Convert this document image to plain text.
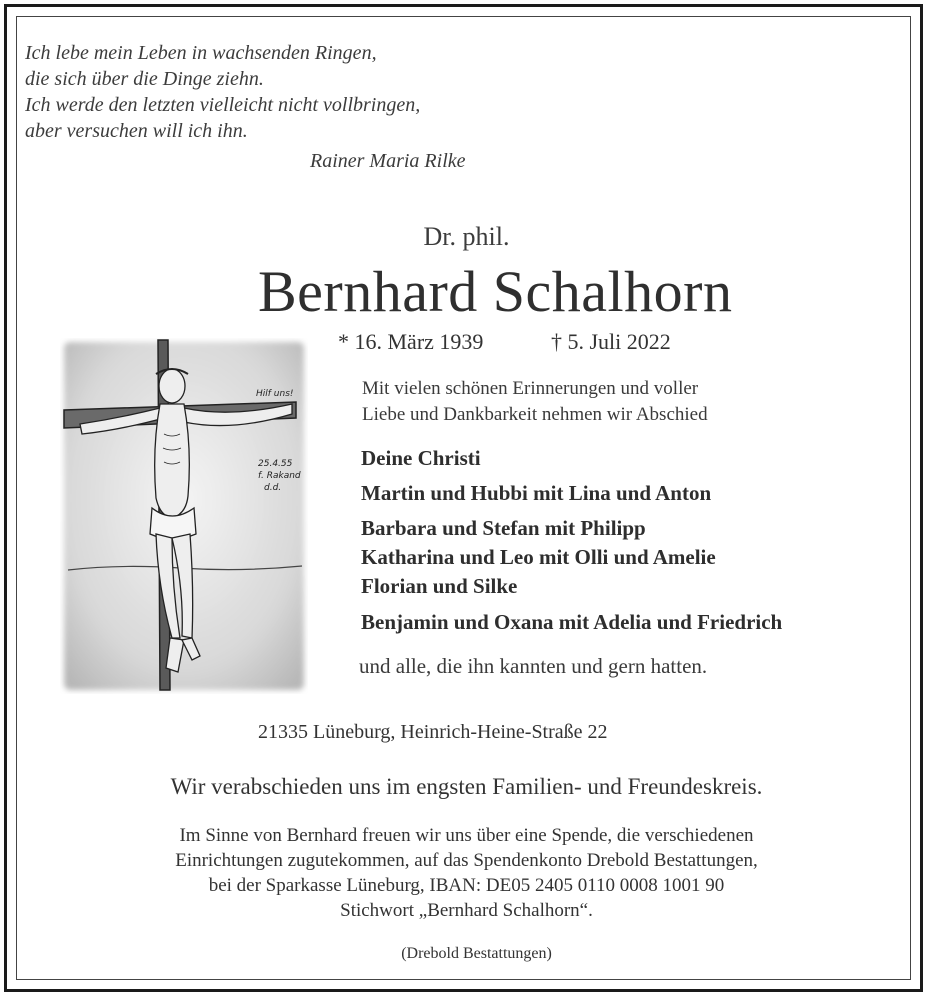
Ich lebe mein Leben in wachsenden Ringen,
die sich über die Dinge ziehn.
Ich werde den letzten vielleicht nicht vollbringen,
aber versuchen will ich ihn.
Rainer Maria Rilke
Dr. phil.
Bernhard Schalhorn
* 16. März 1939	† 5. Juli 2022
Hilf uns!
25.4.55
f. Rakand
d.d.
Mit vielen schönen Erinnerungen und voller
Liebe und Dankbarkeit nehmen wir Abschied
Deine Christi
Martin und Hubbi mit Lina und Anton
Barbara und Stefan mit Philipp
Katharina und Leo mit Olli und Amelie
Florian und Silke
Benjamin und Oxana mit Adelia und Friedrich
und alle, die ihn kannten und gern hatten.
21335 Lüneburg, Heinrich-Heine-Straße 22
Wir verabschieden uns im engsten Familien- und Freundeskreis.
Im Sinne von Bernhard freuen wir uns über eine Spende, die verschiedenen
Einrichtungen zugutekommen, auf das Spendenkonto Drebold Bestattungen,
bei der Sparkasse Lüneburg, IBAN: DE05 2405 0110 0008 1001 90
Stichwort „Bernhard Schalhorn“.
(Drebold Bestattungen)
